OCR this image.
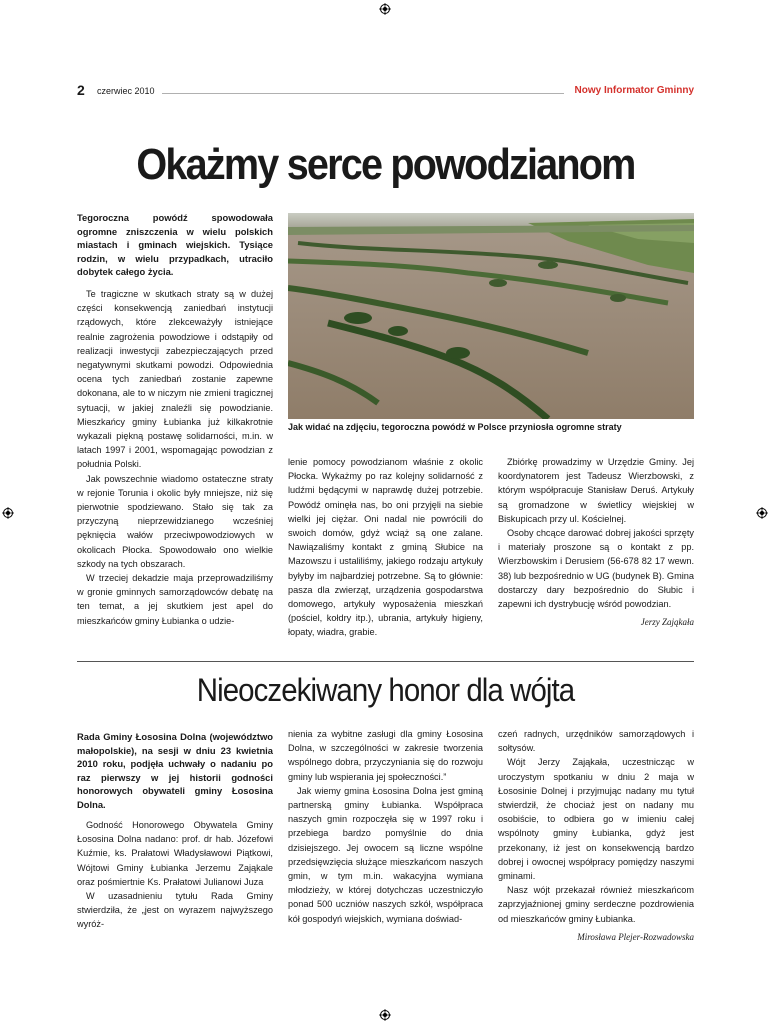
2 czerwiec 2010	Nowy Informator Gminny
Okażmy serce powodzianom

Tegoroczna powódź spowodowała ogromne zniszczenia w wielu polskich miastach i gminach wiejskich. Tysiące rodzin, w wielu przypadkach, utraciło dobytek całego życia.

Jak widać na zdjęciu, tegoroczna powódź w Polsce przyniosła ogromne straty

Te tragiczne w skutkach straty są w dużej części konsekwencją zaniedbań instytucji rządowych, które zlekceważyły istniejące realnie zagrożenia powodziowe i odstąpiły od realizacji inwestycji zabezpieczających przed negatywnymi skutkami powodzi. Odpowiednia ocena tych zaniedbań zostanie zapewne dokonana, ale to w niczym nie zmieni tragicznej sytuacji, w jakiej znaleźli się powodzianie. Mieszkańcy gminy Łubianka już kilkakrotnie wykazali piękną postawę solidarności, m.in. w latach 1997 i 2001, wspomagając powodzian z południa Polski.

Jak powszechnie wiadomo ostateczne straty w rejonie Torunia i okolic były mniejsze, niż się pierwotnie spodziewano. Stało się tak za przyczyną nieprzewidzianego wcześniej pęknięcia wałów przeciwpowodziowych w okolicach Płocka. Spowodowało ono wielkie szkody na tych obszarach.

W trzeciej dekadzie maja przeprowadziliśmy w gronie gminnych samorządowców debatę na ten temat, a jej skutkiem jest apel do mieszkańców gminy Łubianka o udzie-

lenie pomocy powodzianom właśnie z okolic Płocka. Wykażmy po raz kolejny solidarność z ludźmi będącymi w naprawdę dużej potrzebie. Powódź ominęła nas, bo oni przyjęli na siebie wielki jej ciężar. Oni nadal nie powrócili do swoich domów, gdyż wciąż są one zalane. Nawiązaliśmy kontakt z gminą Słubice na Mazowszu i ustaliliśmy, jakiego rodzaju artykuły byłyby im najbardziej potrzebne. Są to głównie: pasza dla zwierząt, urządzenia gospodarstwa domowego, artykuły wyposażenia mieszkań (pościel, kołdry itp.), ubrania, artykuły higieny, łopaty, wiadra, grabie.

Zbiórkę prowadzimy w Urzędzie Gminy. Jej koordynatorem jest Tadeusz Wierzbowski, z którym współpracuje Stanisław Deruś. Artykuły są gromadzone w świetlicy wiejskiej w Biskupicach przy ul. Kościelnej.

Osoby chcące darować dobrej jakości sprzęty i materiały proszone są o kontakt z pp. Wierzbowskim i Derusiem (56-678 82 17 wewn. 38) lub bezpośrednio w UG (budynek B). Gmina dostarczy dary bezpośrednio do Słubic i zapewni ich dystrybucję wśród powodzian.

Jerzy Zająkała
Nieoczekiwany honor dla wójta

Rada Gminy Łososina Dolna (województwo małopolskie), na sesji w dniu 23 kwietnia 2010 roku, podjęła uchwały o nadaniu po raz pierwszy w jej historii godności honorowych obywateli gminy Łososina Dolna.

Godność Honorowego Obywatela Gminy Łososina Dolna nadano: prof. dr hab. Józefowi Kuźmie, ks. Prałatowi Władysławowi Piątkowi, Wójtowi Gminy Łubianka Jerzemu Zająkale oraz pośmiertnie Ks. Prałatowi Julianowi Juza

W uzasadnieniu tytułu Rada Gminy stwierdziła, że „jest on wyrazem najwyższego wyróż-

nienia za wybitne zasługi dla gminy Łososina Dolna, w szczególności w zakresie tworzenia wspólnego dobra, przyczyniania się do rozwoju gminy lub wspierania jej społeczności.”

Jak wiemy gmina Łososina Dolna jest gminą partnerską gminy Łubianka. Współpraca naszych gmin rozpoczęła się w 1997 roku i przebiega bardzo pomyślnie do dnia dzisiejszego. Jej owocem są liczne wspólne przedsięwzięcia służące mieszkańcom naszych gmin, w tym m.in. wakacyjna wymiana młodzieży, w której dotychczas uczestniczyło ponad 500 uczniów naszych szkół, współpraca kół gospodyń wiejskich, wymiana doświad-

czeń radnych, urzędników samorządowych i sołtysów.

Wójt Jerzy Zająkała, uczestnicząc w uroczystym spotkaniu w dniu 2 maja w Łososinie Dolnej i przyjmując nadany mu tytuł stwierdził, że chociaż jest on nadany mu osobiście, to odbiera go w imieniu całej wspólnoty gminy Łubianka, gdyż jest przekonany, iż jest on konsekwencją bardzo dobrej i owocnej współpracy pomiędzy naszymi gminami.

Nasz wójt przekazał również mieszkańcom zaprzyjaźnionej gminy serdeczne pozdrowienia od mieszkańców gminy Łubianka.

Mirosława Plejer-Rozwadowska
